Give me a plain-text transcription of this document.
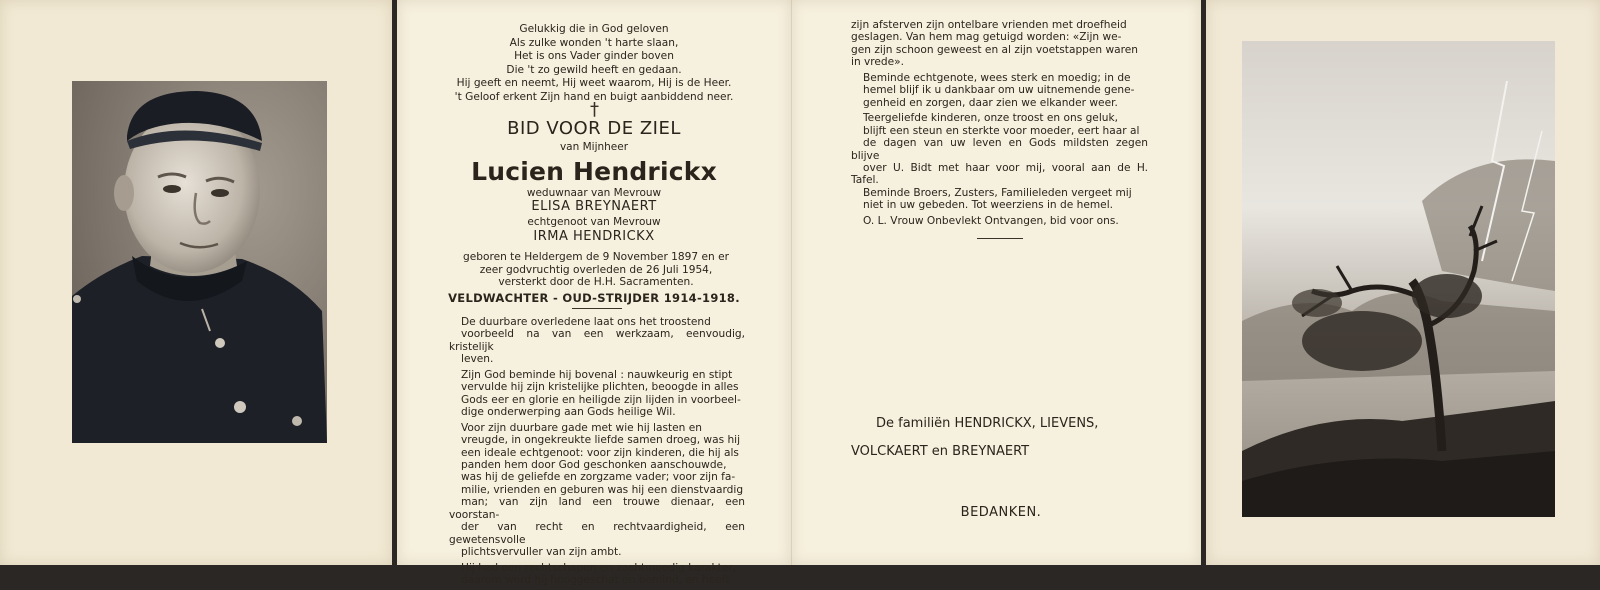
Gelukkig die in God geloven
Als zulke wonden 't harte slaan,
Het is ons Vader ginder boven
Die 't zo gewild heeft en gedaan.
Hij geeft en neemt, Hij weet waarom, Hij is de Heer.
't Geloof erkent Zijn hand en buigt aanbiddend neer.
†
BID VOOR DE ZIEL
van Mijnheer
Lucien Hendrickx
weduwnaar van Mevrouw
ELISA BREYNAERT
echtgenoot van Mevrouw
IRMA HENDRICKX
geboren te Heldergem de 9 November 1897 en er
zeer godvruchtig overleden de 26 Juli 1954,
versterkt door de H.H. Sacramenten.
VELDWACHTER - OUD-STRIJDER 1914-1918.

De duurbare overledene laat ons het troostend
voorbeeld na van een werkzaam, eenvoudig, kristelijk
leven.

Zijn God beminde hij bovenal : nauwkeurig en stipt
vervulde hij zijn kristelijke plichten, beoogde in alles
Gods eer en glorie en heiligde zijn lijden in voorbeel-
dige onderwerping aan Gods heilige Wil.

Voor zijn duurbare gade met wie hij lasten en
vreugde, in ongekreukte liefde samen droeg, was hij
een ideale echtgenoot: voor zijn kinderen, die hij als
panden hem door God geschonken aanschouwde,
was hij de geliefde en zorgzame vader; voor zijn fa-
milie, vrienden en geburen was hij een dienstvaardig
man; van zijn land een trouwe dienaar, een voorstan-
der van recht en rechtvaardigheid, een gewetensvolle
plichtsvervuller van zijn ambt.

Hij had een rechtschapen en zachtmoedig karakter,
daarom werd hij hooggeschat en bemind, en heeft

zijn afsterven zijn ontelbare vrienden met droefheid
geslagen. Van hem mag getuigd worden: «Zijn we-
gen zijn schoon geweest en al zijn voetstappen waren
in vrede».

Beminde echtgenote, wees sterk en moedig; in de
hemel blijf ik u dankbaar om uw uitnemende gene-
genheid en zorgen, daar zien we elkander weer.

Teergeliefde kinderen, onze troost en ons geluk,
blijft een steun en sterkte voor moeder, eert haar al
de dagen van uw leven en Gods mildsten zegen blijve
over U. Bidt met haar voor mij, vooral aan de H. Tafel.

Beminde Broers, Zusters, Familieleden vergeet mij
niet in uw gebeden. Tot weerziens in de hemel.

O. L. Vrouw Onbevlekt Ontvangen, bid voor ons.

De familiën HENDRICKX, LIEVENS,
VOLCKAERT en BREYNAERT
BEDANKEN.
